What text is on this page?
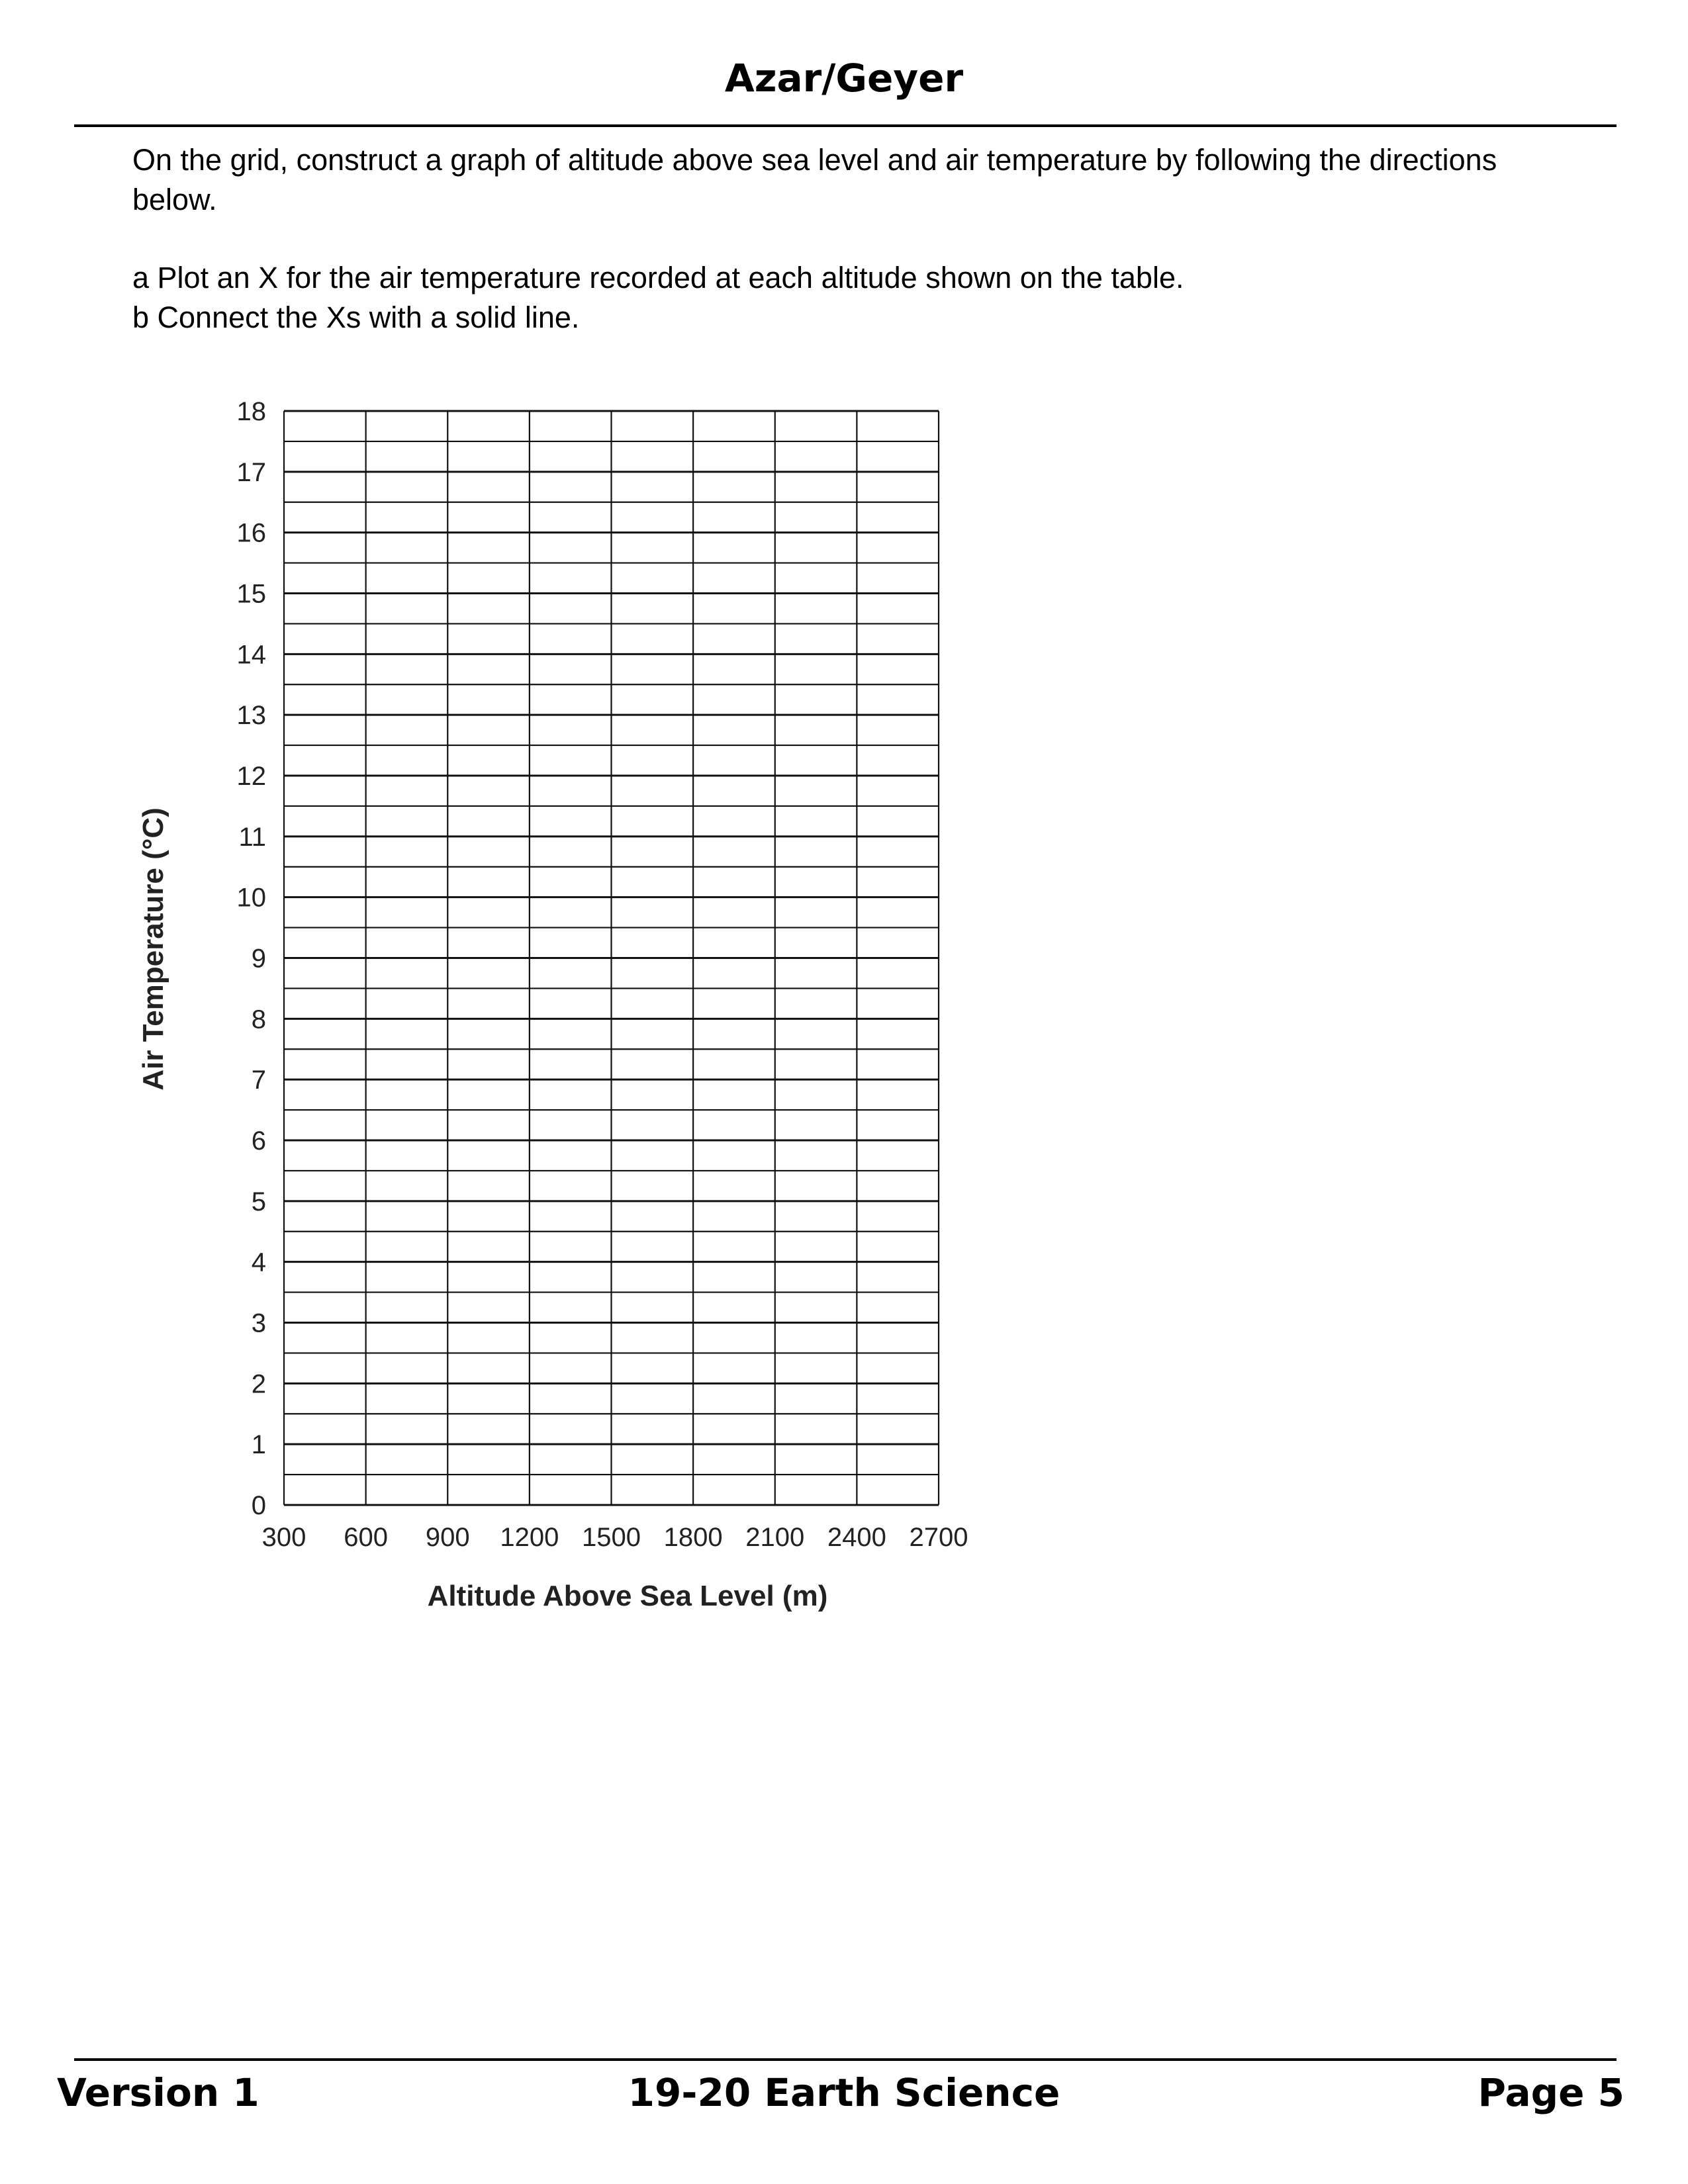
Azar/Geyer

On the grid, construct a graph of altitude above sea level and air temperature by following the directions below.

a Plot an X for the air temperature recorded at each altitude shown on the table.
b Connect the Xs with a solid line.
0
1
2
3
4
5
6
7
8
9
10
11
12
13
14
15
16
17
18
300 600 900 1200 1500 1800 2100 2400 2700
Air Temperature (°C)
Altitude Above Sea Level (m)
Version 1	19-20 Earth Science	Page 5
